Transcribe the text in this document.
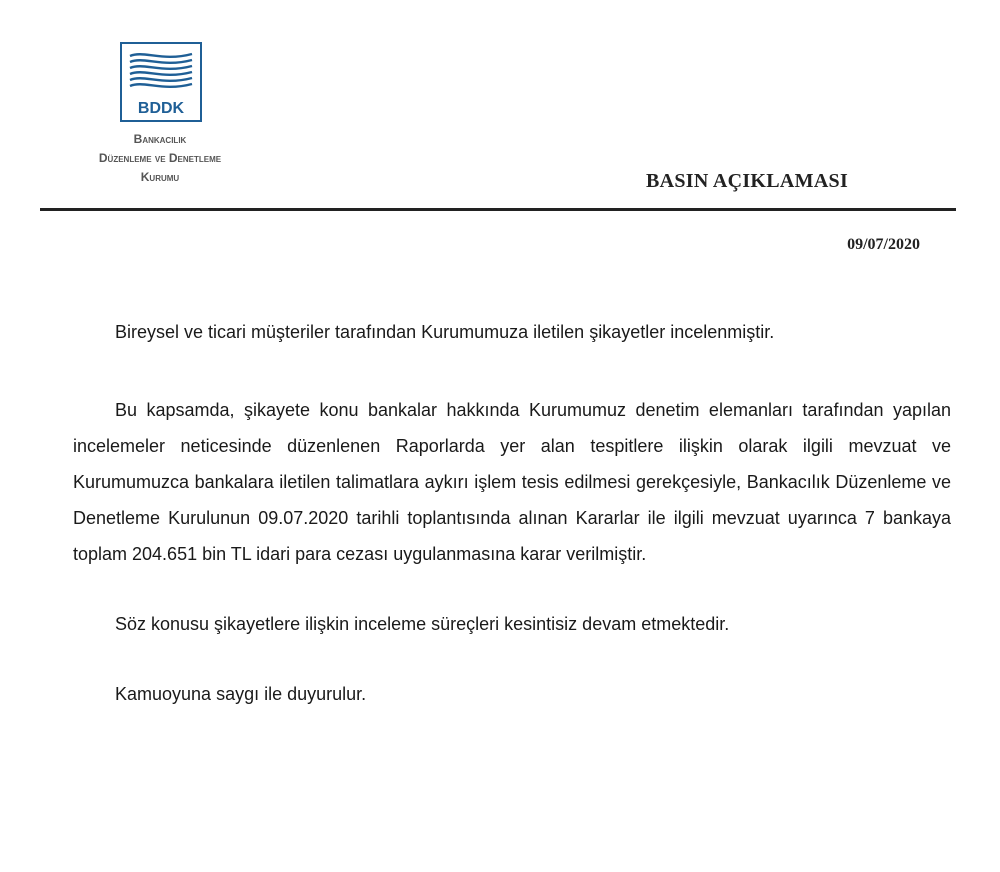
BDDK
Bankacılık
Düzenleme ve Denetleme
Kurumu	BASIN AÇIKLAMASI
09/07/2020

Bireysel ve ticari müşteriler tarafından Kurumumuza iletilen şikayetler incelenmiştir.

Bu kapsamda, şikayete konu bankalar hakkında Kurumumuz denetim elemanları tarafından yapılan incelemeler neticesinde düzenlenen Raporlarda yer alan tespitlere ilişkin olarak ilgili mevzuat ve Kurumumuzca bankalara iletilen talimatlara aykırı işlem tesis edilmesi gerekçesiyle, Bankacılık Düzenleme ve Denetleme Kurulunun 09.07.2020 tarihli toplantısında alınan Kararlar ile ilgili mevzuat uyarınca 7 bankaya toplam 204.651 bin TL idari para cezası uygulanmasına karar verilmiştir.

Söz konusu şikayetlere ilişkin inceleme süreçleri kesintisiz devam etmektedir.

Kamuoyuna saygı ile duyurulur.
